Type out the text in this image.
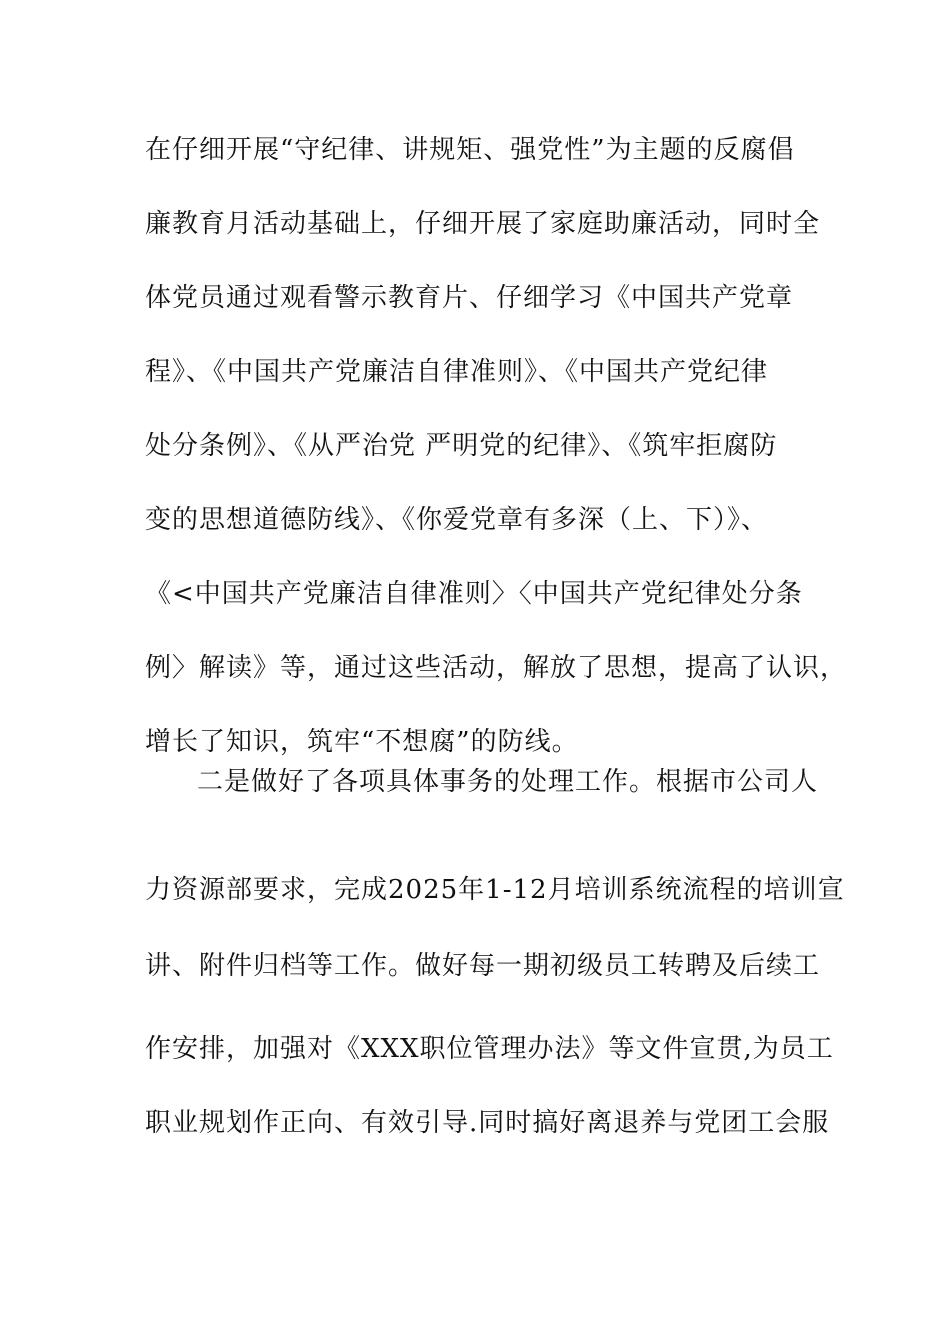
在仔细开展“守纪律、讲规矩、强党性”为主题的反腐倡

廉教育月活动基础上，仔细开展了家庭助廉活动，同时全

体党员通过观看警示教育片、仔细学习《中国共产党章

程》、《中国共产党廉洁自律准则》、《中国共产党纪律

处分条例》、《从严治党 严明党的纪律》、《筑牢拒腐防

变的思想道德防线》、《你爱党章有多深（上、下）》、

《<中国共产党廉洁自律准则〉〈中国共产党纪律处分条

例〉解读》等，通过这些活动，解放了思想，提高了认识，

增长了知识，筑牢“不想腐”的防线。

二是做好了各项具体事务的处理工作。根据市公司人

力资源部要求，完成2025年1-12月培训系统流程的培训宣

讲、附件归档等工作。做好每一期初级员工转聘及后续工

作安排，加强对《XXX职位管理办法》等文件宣贯,为员工

职业规划作正向、有效引导.同时搞好离退养与党团工会服
